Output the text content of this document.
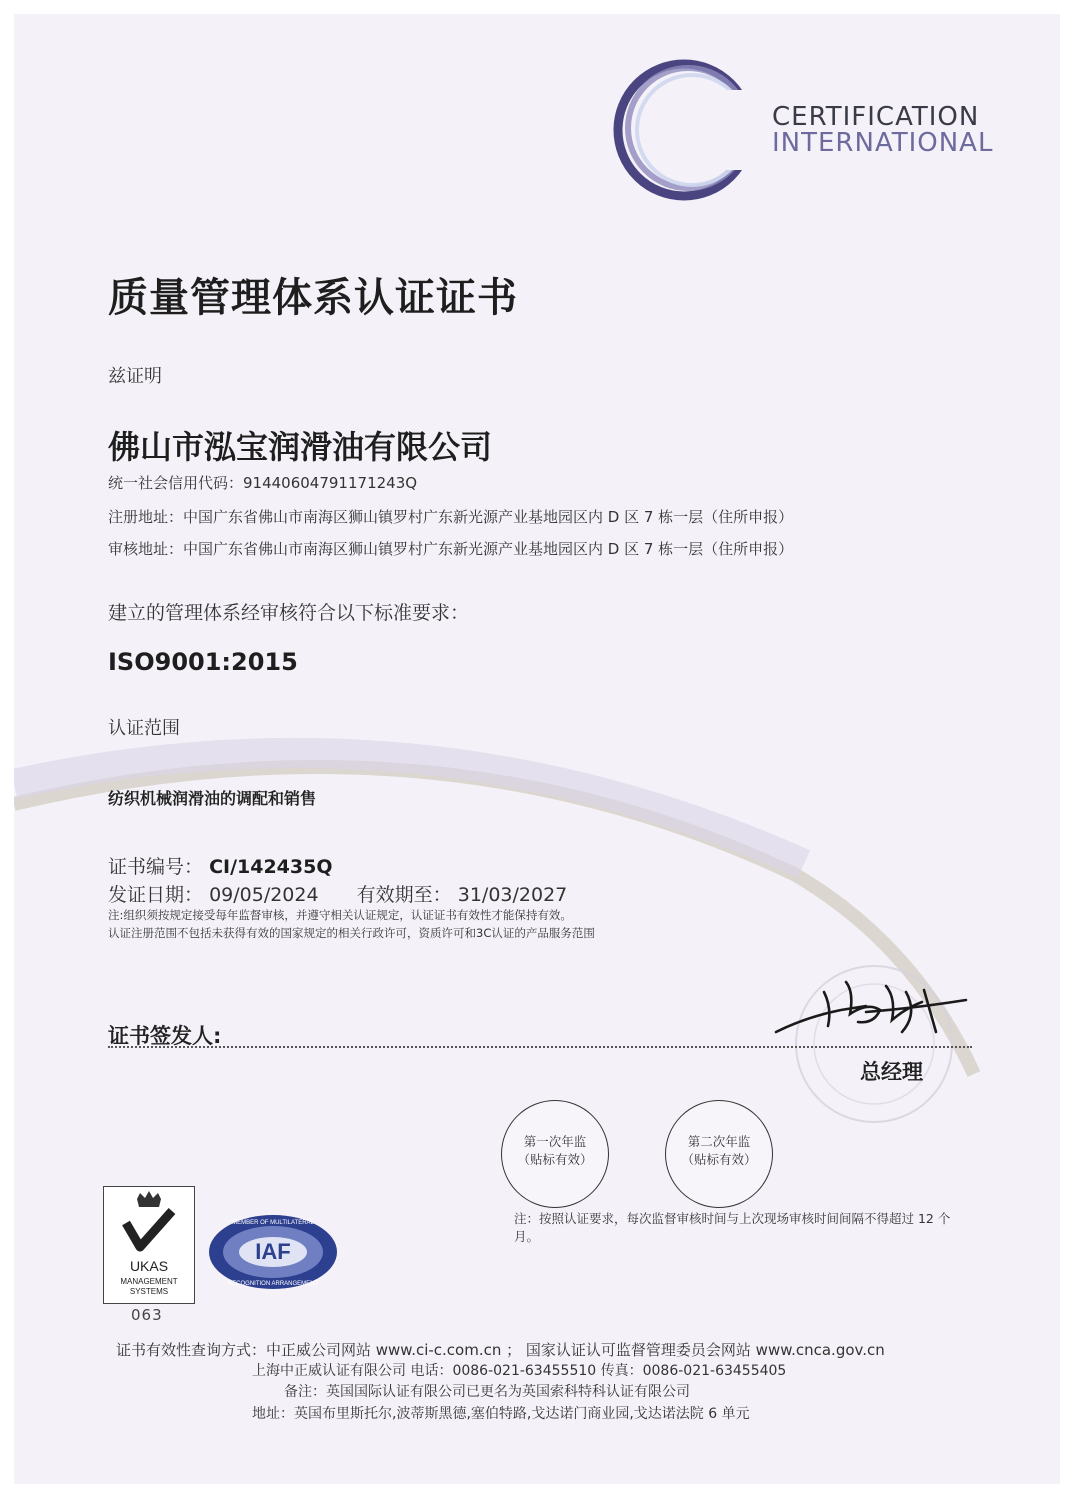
CERTIFICATION
INTERNATIONAL
质量管理体系认证证书
兹证明
佛山市泓宝润滑油有限公司
统一社会信用代码：91440604791171243Q
注册地址：中国广东省佛山市南海区狮山镇罗村广东新光源产业基地园区内 D 区 7 栋一层（住所申报）
审核地址：中国广东省佛山市南海区狮山镇罗村广东新光源产业基地园区内 D 区 7 栋一层（住所申报）
建立的管理体系经审核符合以下标准要求：
ISO9001:2015
认证范围
纺织机械润滑油的调配和销售
证书编号： CI/142435Q
发证日期： 09/05/2024 有效期至： 31/03/2027
注:组织须按规定接受每年监督审核，并遵守相关认证规定，认证证书有效性才能保持有效。
认证注册范围不包括未获得有效的国家规定的相关行政许可，资质许可和3C认证的产品服务范围
证书签发人:
总经理
第一次年监
（贴标有效）
第二次年监
（贴标有效）
注：按照认证要求，每次监督审核时间与上次现场审核时间间隔不得超过 12 个月。
UKAS
MANAGEMENT
SYSTEMS
063
IAF
MEMBER OF MULTILATERAL
RECOGNITION ARRANGEMENT
证书有效性查询方式：中正威公司网站 www.ci-c.com.cn ； 国家认证认可监督管理委员会网站 www.cnca.gov.cn
上海中正威认证有限公司 电话：0086-021-63455510 传真：0086-021-63455405
备注：英国国际认证有限公司已更名为英国索科特科认证有限公司
地址：英国布里斯托尔,波蒂斯黑德,塞伯特路,戈达诺门商业园,戈达诺法院 6 单元
